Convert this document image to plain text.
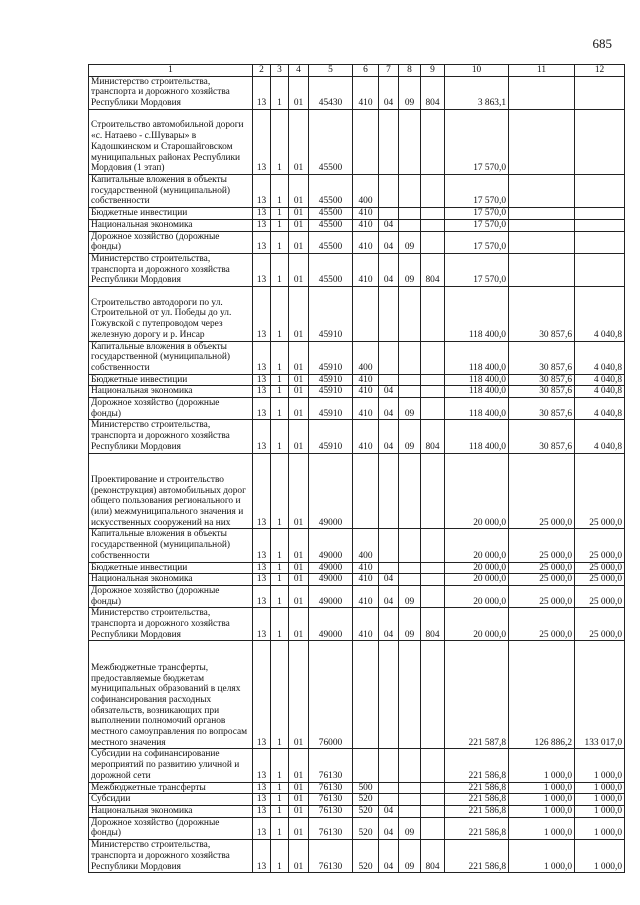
685
1	2	3	4	5	6	7	8	9	10	11	12
Министерство строительства, транспорта и дорожного хозяйства Республики Мордовия	13	1	01	45430	410	04	09	804	3 863,1		
Строительство автомобильной дороги «с. Натаево - с.Шувары» в Кадошкинском и Старошайговском муниципальных районах Республики Мордовия (1 этап)	13	1	01	45500					17 570,0		
Капитальные вложения в объекты государственной (муниципальной) собственности	13	1	01	45500	400				17 570,0		
Бюджетные инвестиции	13	1	01	45500	410				17 570,0		
Национальная экономика	13	1	01	45500	410	04			17 570,0		
Дорожное хозяйство (дорожные фонды)	13	1	01	45500	410	04	09		17 570,0		
Министерство строительства, транспорта и дорожного хозяйства Республики Мордовия	13	1	01	45500	410	04	09	804	17 570,0		
Строительство автодороги по ул. Строительной от ул. Победы до ул. Гожувской с путепроводом через железную дорогу и р. Инсар	13	1	01	45910					118 400,0	30 857,6	4 040,8
Капитальные вложения в объекты государственной (муниципальной) собственности	13	1	01	45910	400				118 400,0	30 857,6	4 040,8
Бюджетные инвестиции	13	1	01	45910	410				118 400,0	30 857,6	4 040,8
Национальная экономика	13	1	01	45910	410	04			118 400,0	30 857,6	4 040,8
Дорожное хозяйство (дорожные фонды)	13	1	01	45910	410	04	09		118 400,0	30 857,6	4 040,8
Министерство строительства, транспорта и дорожного хозяйства Республики Мордовия	13	1	01	45910	410	04	09	804	118 400,0	30 857,6	4 040,8
Проектирование и строительство (реконструкция) автомобильных дорог общего пользования регионального и (или) межмуниципального значения и искусственных сооружений на них	13	1	01	49000					20 000,0	25 000,0	25 000,0
Капитальные вложения в объекты государственной (муниципальной) собственности	13	1	01	49000	400				20 000,0	25 000,0	25 000,0
Бюджетные инвестиции	13	1	01	49000	410				20 000,0	25 000,0	25 000,0
Национальная экономика	13	1	01	49000	410	04			20 000,0	25 000,0	25 000,0
Дорожное хозяйство (дорожные фонды)	13	1	01	49000	410	04	09		20 000,0	25 000,0	25 000,0
Министерство строительства, транспорта и дорожного хозяйства Республики Мордовия	13	1	01	49000	410	04	09	804	20 000,0	25 000,0	25 000,0
Межбюджетные трансферты, предоставляемые бюджетам муниципальных образований в целях софинансирования расходных обязательств, возникающих при выполнении полномочий органов местного самоуправления по вопросам местного значения	13	1	01	76000					221 587,8	126 886,2	133 017,0
Субсидии на софинансирование мероприятий по развитию уличной и дорожной сети	13	1	01	76130					221 586,8	1 000,0	1 000,0
Межбюджетные трансферты	13	1	01	76130	500				221 586,8	1 000,0	1 000,0
Субсидии	13	1	01	76130	520				221 586,8	1 000,0	1 000,0
Национальная экономика	13	1	01	76130	520	04			221 586,8	1 000,0	1 000,0
Дорожное хозяйство (дорожные фонды)	13	1	01	76130	520	04	09		221 586,8	1 000,0	1 000,0
Министерство строительства, транспорта и дорожного хозяйства Республики Мордовия	13	1	01	76130	520	04	09	804	221 586,8	1 000,0	1 000,0
